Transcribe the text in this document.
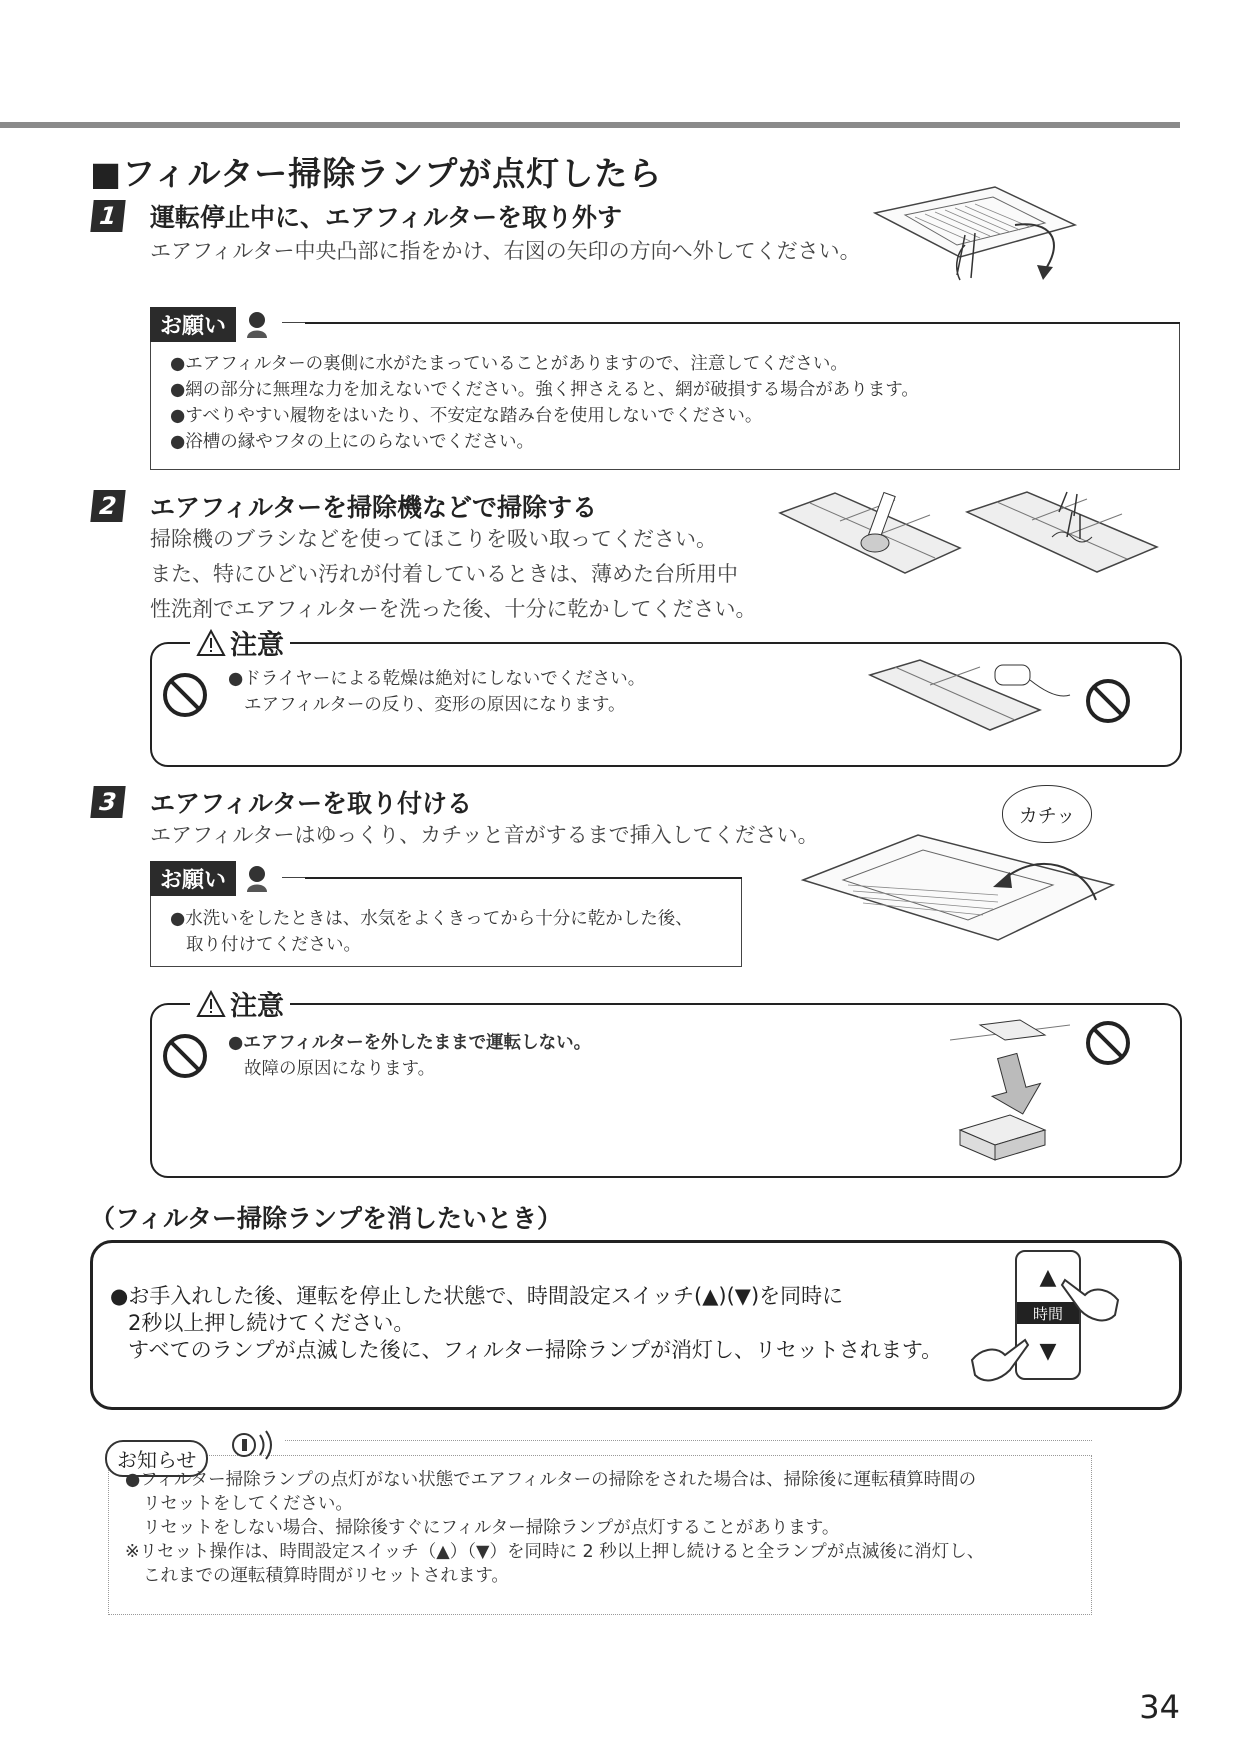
■フィルター掃除ランプが点灯したら
1	運転停止中に、エアフィルターを取り外す
エアフィルター中央凸部に指をかけ、右図の矢印の方向へ外してください。
お願い
●エアフィルターの裏側に水がたまっていることがありますので、注意してください。
●網の部分に無理な力を加えないでください。強く押さえると、網が破損する場合があります。
●すべりやすい履物をはいたり、不安定な踏み台を使用しないでください。
●浴槽の縁やフタの上にのらないでください。
2	エアフィルターを掃除機などで掃除する
掃除機のブラシなどを使ってほこりを吸い取ってください。
また、特にひどい汚れが付着しているときは、薄めた台所用中
性洗剤でエアフィルターを洗った後、十分に乾かしてください。
注意
●ドライヤーによる乾燥は絶対にしないでください。
エアフィルターの反り、変形の原因になります。
3	エアフィルターを取り付ける
エアフィルターはゆっくり、カチッと音がするまで挿入してください。
お願い
●水洗いをしたときは、水気をよくきってから十分に乾かした後、
取り付けてください。
カチッ
注意
●エアフィルターを外したままで運転しない。
故障の原因になります。
（フィルター掃除ランプを消したいとき）
●お手入れした後、運転を停止した状態で、時間設定スイッチ(▲)(▼)を同時に
2秒以上押し続けてください。
すべてのランプが点滅した後に、フィルター掃除ランプが消灯し、リセットされます。
▲
時間
▼
お知らせ
●フィルター掃除ランプの点灯がない状態でエアフィルターの掃除をされた場合は、掃除後に運転積算時間の
リセットをしてください。
リセットをしない場合、掃除後すぐにフィルター掃除ランプが点灯することがあります。
※リセット操作は、時間設定スイッチ（▲）（▼）を同時に 2 秒以上押し続けると全ランプが点滅後に消灯し、
これまでの運転積算時間がリセットされます。
34
